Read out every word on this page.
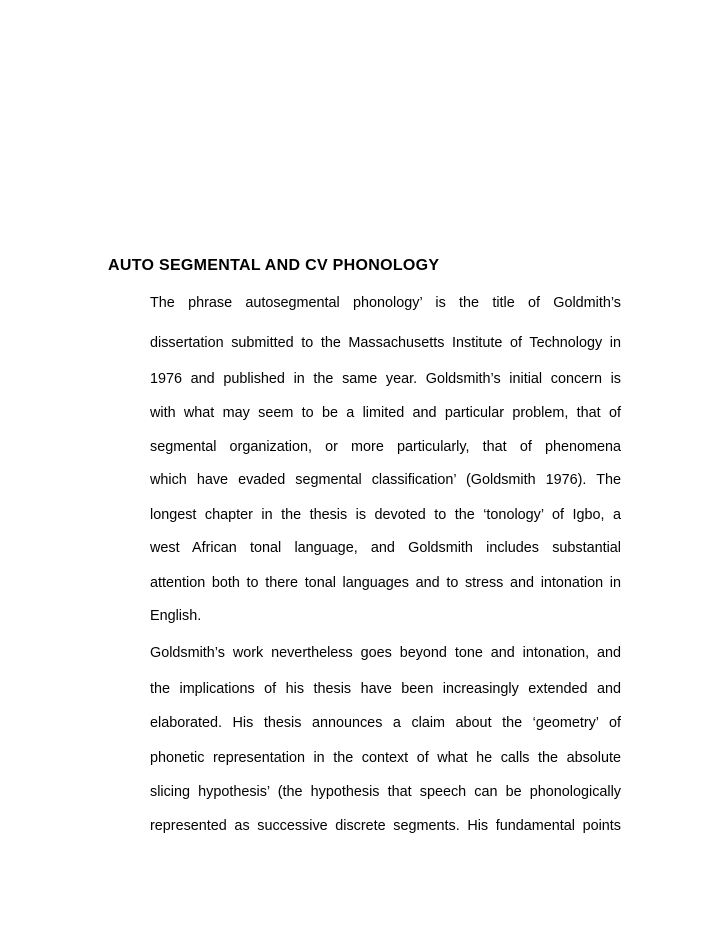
AUTO SEGMENTAL AND CV PHONOLOGY
The phrase autosegmental phonology’ is the title of Goldmith’s
dissertation submitted to the Massachusetts Institute of Technology in
1976 and published in the same year. Goldsmith’s initial concern is
with what may seem to be a limited and particular problem, that of
segmental organization, or more particularly, that of phenomena
which have evaded segmental classification’ (Goldsmith 1976). The
longest chapter in the thesis is devoted to the ‘tonology’ of Igbo, a
west African tonal language, and Goldsmith includes substantial
attention both to there tonal languages and to stress and intonation in
English.
Goldsmith’s work nevertheless goes beyond tone and intonation, and
the implications of his thesis have been increasingly extended and
elaborated. His thesis announces a claim about the ‘geometry’ of
phonetic representation in the context of what he calls the absolute
slicing hypothesis’ (the hypothesis that speech can be phonologically
represented as successive discrete segments. His fundamental points
